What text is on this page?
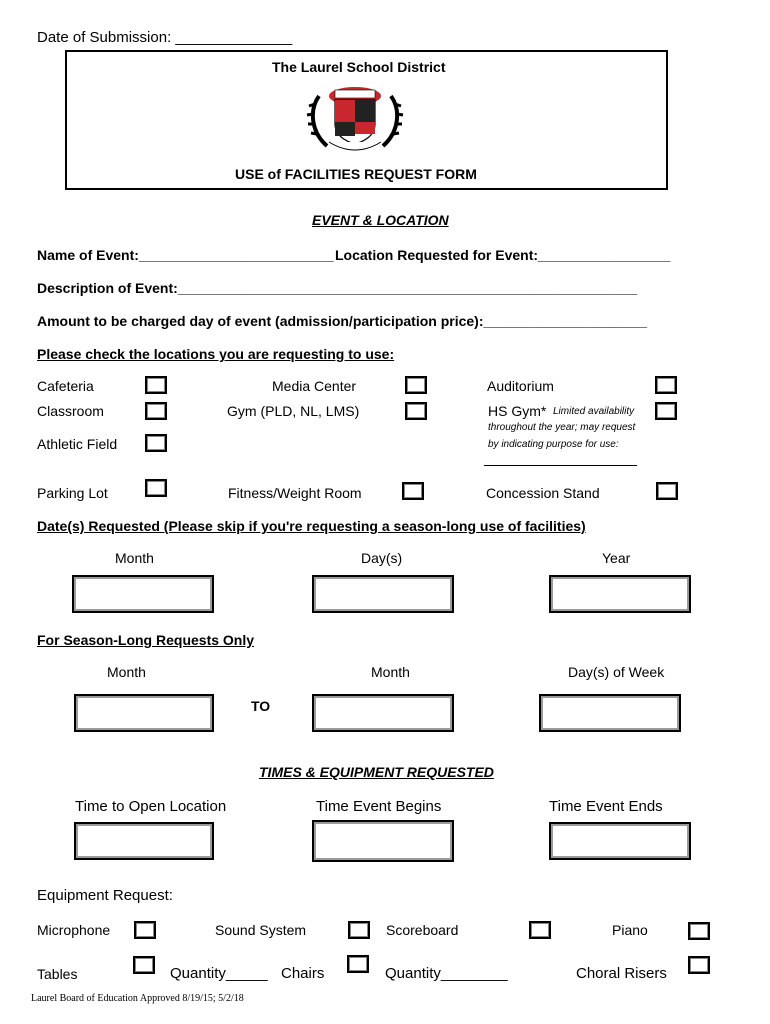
Date of Submission: ______________
The Laurel School District
USE of FACILITIES REQUEST FORM
EVENT & LOCATION
Name of Event:_________________________ Location Requested for Event:_________________
Description of Event:___________________________________________________________
Amount to be charged day of event (admission/participation price):_____________________
Please check the locations you are requesting to use:
Cafeteria	Media Center	Auditorium
Classroom	Gym (PLD, NL, LMS)	HS Gym* Limited availability
throughout the year; may request
by indicating purpose for use:
Athletic Field
Parking Lot	Fitness/Weight Room	Concession Stand
Date(s) Requested (Please skip if you're requesting a season-long use of facilities)
Month	Day(s)	Year
For Season-Long Requests Only
Month	Month	Day(s) of Week
TO
TIMES & EQUIPMENT REQUESTED
Time to Open Location	Time Event Begins	Time Event Ends
Equipment Request:
Microphone	Sound System	Scoreboard	Piano
Tables	Quantity_____ Chairs	Quantity________	Choral Risers
Laurel Board of Education Approved 8/19/15; 5/2/18
